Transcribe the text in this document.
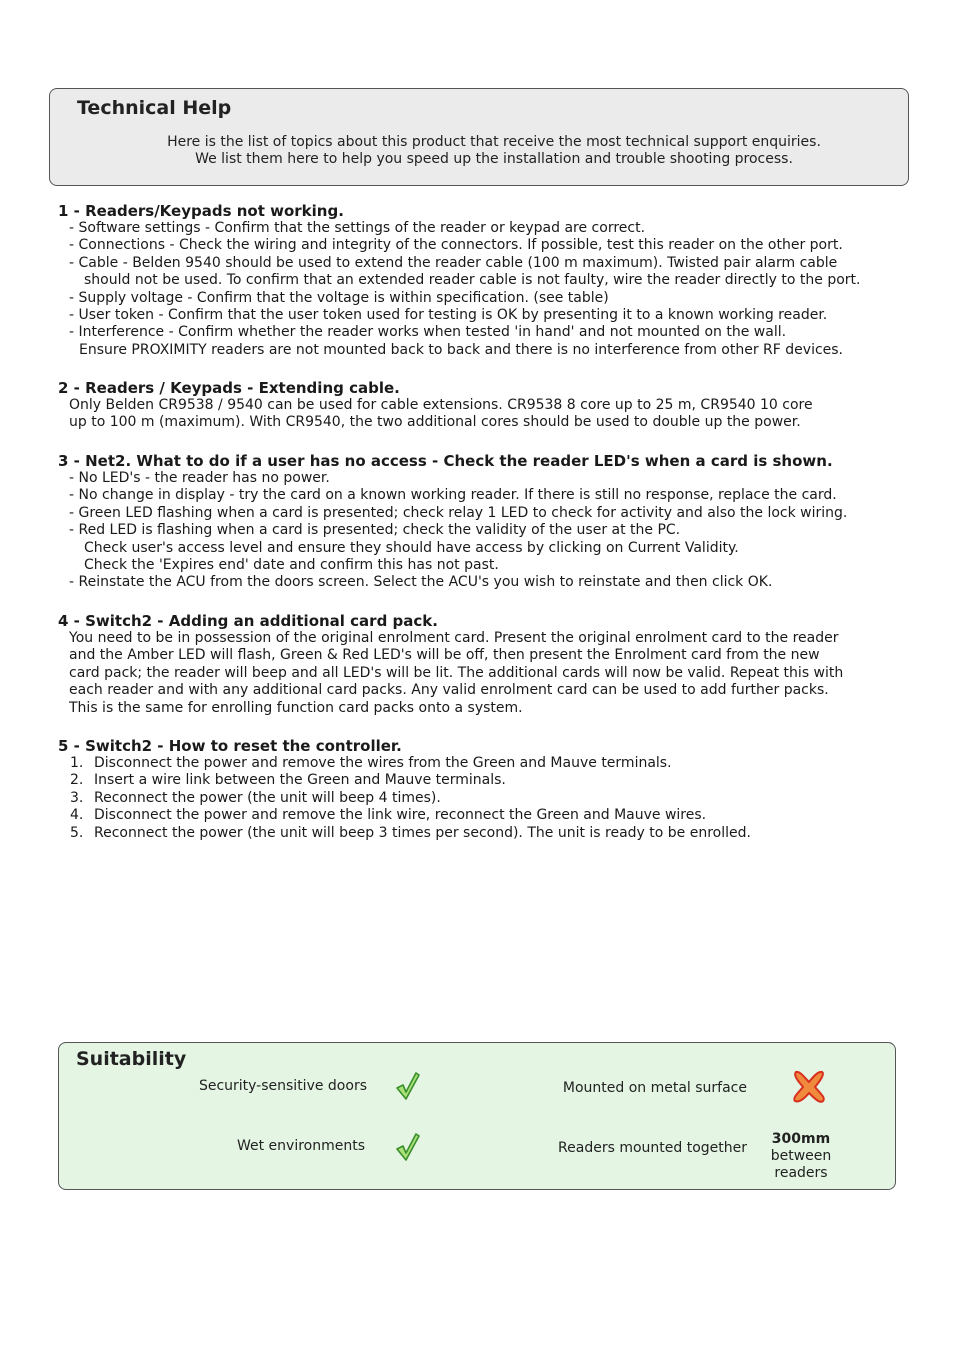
Technical Help
Here is the list of topics about this product that receive the most technical support enquiries.
We list them here to help you speed up the installation and trouble shooting process.
1 - Readers/Keypads not working.
- Software settings - Confirm that the settings of the reader or keypad are correct.
- Connections - Check the wiring and integrity of the connectors. If possible, test this reader on the other port.
- Cable - Belden 9540 should be used to extend the reader cable (100 m maximum). Twisted pair alarm cable
should not be used. To confirm that an extended reader cable is not faulty, wire the reader directly to the port.
- Supply voltage - Confirm that the voltage is within specification. (see table)
- User token - Confirm that the user token used for testing is OK by presenting it to a known working reader.
- Interference - Confirm whether the reader works when tested 'in hand' and not mounted on the wall.
Ensure PROXIMITY readers are not mounted back to back and there is no interference from other RF devices.
2 - Readers / Keypads - Extending cable.
Only Belden CR9538 / 9540 can be used for cable extensions. CR9538 8 core up to 25 m, CR9540 10 core
up to 100 m (maximum). With CR9540, the two additional cores should be used to double up the power.
3 - Net2. What to do if a user has no access - Check the reader LED's when a card is shown.
- No LED's - the reader has no power.
- No change in display - try the card on a known working reader. If there is still no response, replace the card.
- Green LED flashing when a card is presented; check relay 1 LED to check for activity and also the lock wiring.
- Red LED is flashing when a card is presented; check the validity of the user at the PC.
Check user's access level and ensure they should have access by clicking on Current Validity.
Check the 'Expires end' date and confirm this has not past.
- Reinstate the ACU from the doors screen. Select the ACU's you wish to reinstate and then click OK.
4 - Switch2 - Adding an additional card pack.
You need to be in possession of the original enrolment card. Present the original enrolment card to the reader
and the Amber LED will flash, Green & Red LED's will be off, then present the Enrolment card from the new
card pack; the reader will beep and all LED's will be lit. The additional cards will now be valid. Repeat this with
each reader and with any additional card packs. Any valid enrolment card can be used to add further packs.
This is the same for enrolling function card packs onto a system.
5 - Switch2 - How to reset the controller.
1. Disconnect the power and remove the wires from the Green and Mauve terminals.
2. Insert a wire link between the Green and Mauve terminals.
3. Reconnect the power (the unit will beep 4 times).
4. Disconnect the power and remove the link wire, reconnect the Green and Mauve wires.
5. Reconnect the power (the unit will beep 3 times per second). The unit is ready to be enrolled.
Suitability
Security-sensitive doors	Mounted on metal surface
Wet environments	Readers mounted together
300mm
between
readers
